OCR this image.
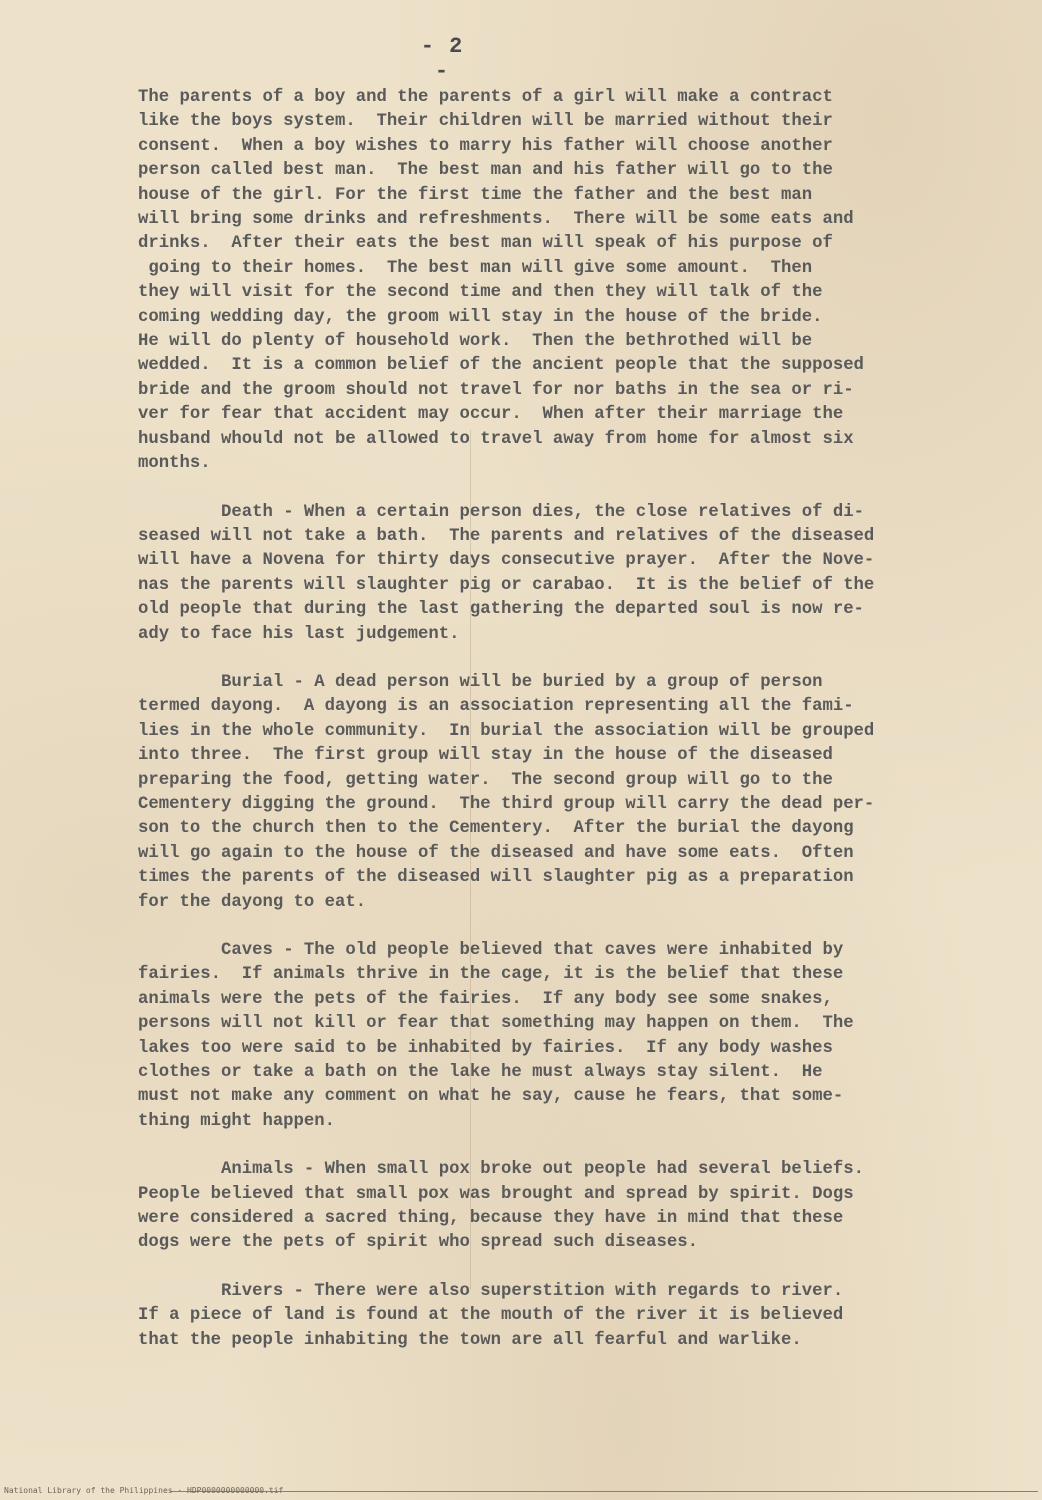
- 2 -

The parents of a boy and the parents of a girl will make a contract
like the boys system.  Their children will be married without their
consent.  When a boy wishes to marry his father will choose another
person called best man.  The best man and his father will go to the
house of the girl. For the first time the father and the best man
will bring some drinks and refreshments.  There will be some eats and
drinks.  After their eats the best man will speak of his purpose of
going to their homes.  The best man will give some amount.  Then
they will visit for the second time and then they will talk of the
coming wedding day, the groom will stay in the house of the bride.
He will do plenty of household work.  Then the bethrothed will be
wedded.  It is a common belief of the ancient people that the supposed
bride and the groom should not travel for nor baths in the sea or ri-
ver for fear that accident may occur.  When after their marriage the
husband whould not be allowed to travel away from home for almost six
months.

Death - When a certain person dies, the close relatives of di-
seased will not take a bath.  The parents and relatives of the diseased
will have a Novena for thirty days consecutive prayer.  After the Nove-
nas the parents will slaughter pig or carabao.  It is the belief of the
old people that during the last gathering the departed soul is now re-
ady to face his last judgement.

Burial - A dead person will be buried by a group of person
termed dayong.  A dayong is an association representing all the fami-
lies in the whole community.  In burial the association will be grouped
into three.  The first group will stay in the house of the diseased
preparing the food, getting water.  The second group will go to the
Cementery digging the ground.  The third group will carry the dead per-
son to the church then to the Cementery.  After the burial the dayong
will go again to the house of the diseased and have some eats.  Often
times the parents of the diseased will slaughter pig as a preparation
for the dayong to eat.

Caves - The old people believed that caves were inhabited by
fairies.  If animals thrive in the cage, it is the belief that these
animals were the pets of the fairies.  If any body see some snakes,
persons will not kill or fear that something may happen on them.  The
lakes too were said to be inhabited by fairies.  If any body washes
clothes or take a bath on the lake he must always stay silent.  He
must not make any comment on what he say, cause he fears, that some-
thing might happen.

Animals - When small pox broke out people had several beliefs.
People believed that small pox was brought and spread by spirit. Dogs
were considered a sacred thing, because they have in mind that these
dogs were the pets of spirit who spread such diseases.

Rivers - There were also superstition with regards to river.
If a piece of land is found at the mouth of the river it is believed
that the people inhabiting the town are all fearful and warlike.

National Library of the Philippines · HDP0000000000000.tif
